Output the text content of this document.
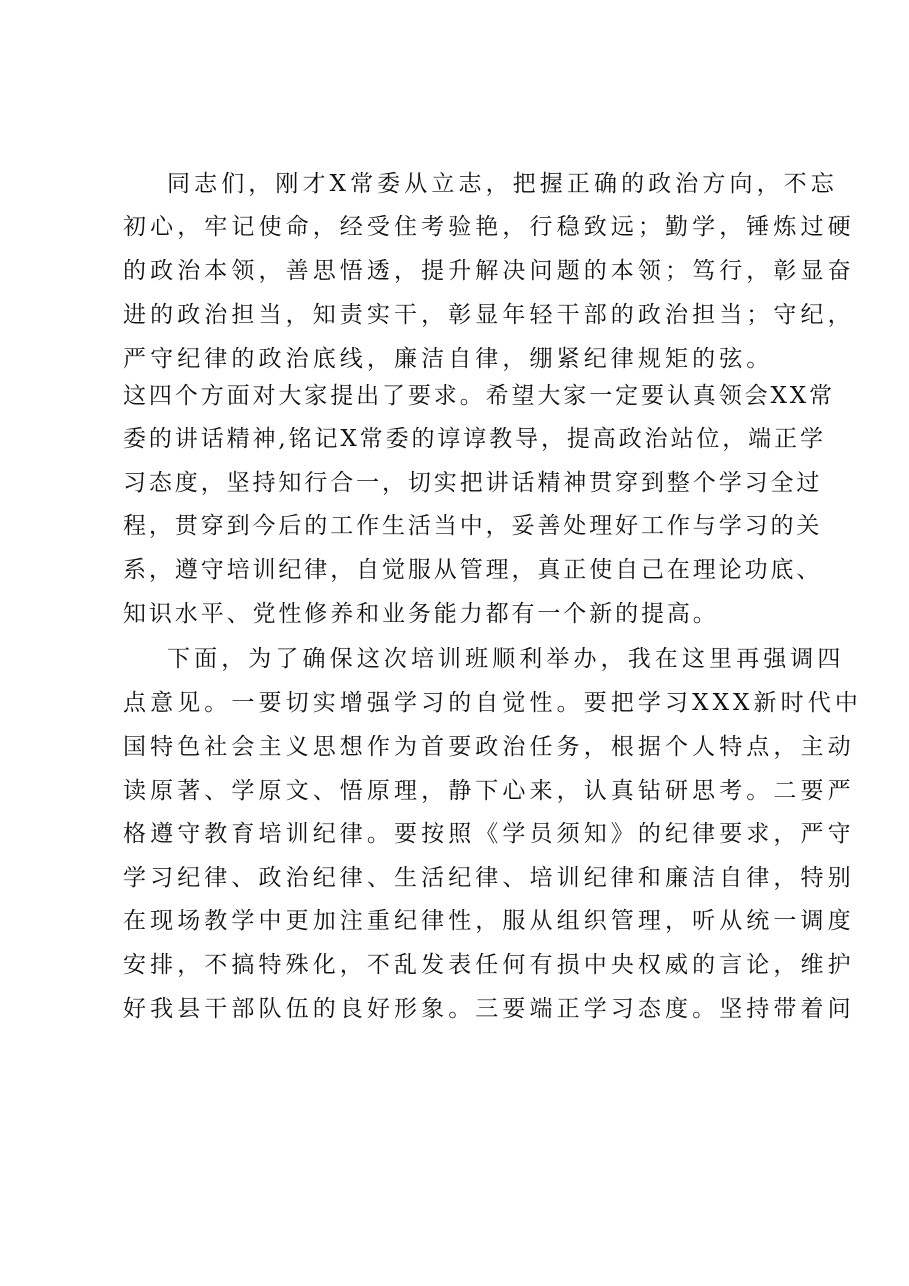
同志们，刚才X常委从立志，把握正确的政治方向，不忘
初心，牢记使命，经受住考验艳，行稳致远；勤学，锤炼过硬
的政治本领，善思悟透，提升解决问题的本领；笃行，彰显奋
进的政治担当，知责实干，彰显年轻干部的政治担当；守纪，
严守纪律的政治底线，廉洁自律，绷紧纪律规矩的弦。
这四个方面对大家提出了要求。希望大家一定要认真领会XX常
委的讲话精神,铭记X常委的谆谆教导，提高政治站位，端正学
习态度，坚持知行合一，切实把讲话精神贯穿到整个学习全过
程，贯穿到今后的工作生活当中，妥善处理好工作与学习的关
系，遵守培训纪律，自觉服从管理，真正使自己在理论功底、
知识水平、党性修养和业务能力都有一个新的提高。
下面，为了确保这次培训班顺利举办，我在这里再强调四
点意见。一要切实增强学习的自觉性。要把学习XXX新时代中
国特色社会主义思想作为首要政治任务，根据个人特点，主动
读原著、学原文、悟原理，静下心来，认真钻研思考。二要严
格遵守教育培训纪律。要按照《学员须知》的纪律要求，严守
学习纪律、政治纪律、生活纪律、培训纪律和廉洁自律，特别
在现场教学中更加注重纪律性，服从组织管理，听从统一调度
安排，不搞特殊化，不乱发表任何有损中央权威的言论，维护
好我县干部队伍的良好形象。三要端正学习态度。坚持带着问
